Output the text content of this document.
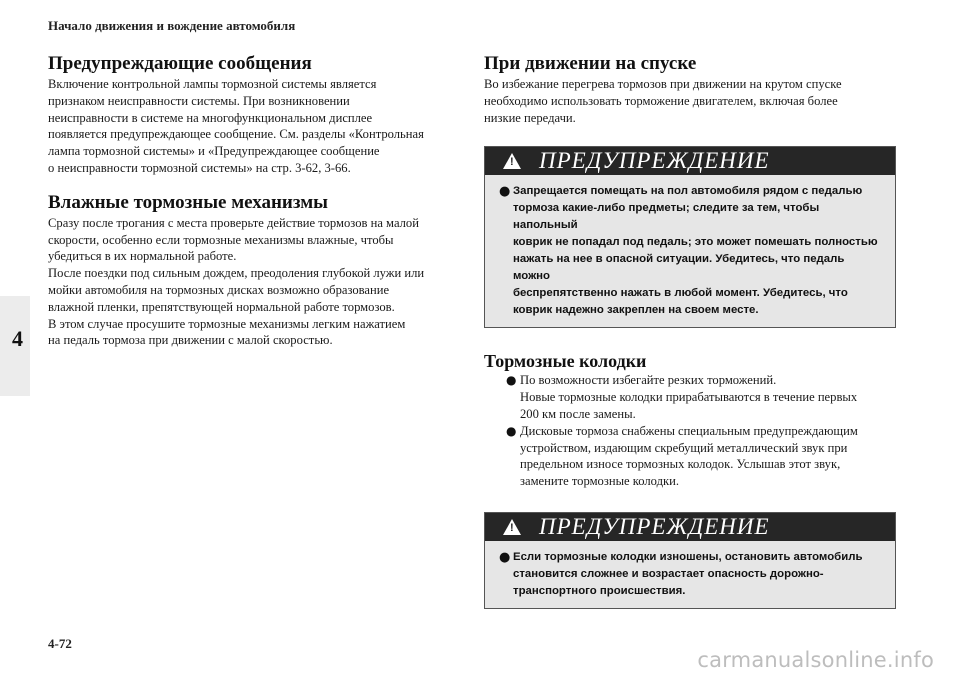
Начало движения и вождение автомобиля
4
Предупреждающие сообщения

Включение контрольной лампы тормозной системы является
признаком неисправности системы. При возникновении
неисправности в системе на многофункциональном дисплее
появляется предупреждающее сообщение. См. разделы «Контрольная
лампа тормозной системы» и «Предупреждающее сообщение
о неисправности тормозной системы» на стр. 3-62, 3-66.

Влажные тормозные механизмы

Сразу после трогания с места проверьте действие тормозов на малой
скорости, особенно если тормозные механизмы влажные, чтобы
убедиться в их нормальной работе.
После поездки под сильным дождем, преодоления глубокой лужи или
мойки автомобиля на тормозных дисках возможно образование
влажной пленки, препятствующей нормальной работе тормозов.
В этом случае просушите тормозные механизмы легким нажатием
на педаль тормоза при движении с малой скоростью.

При движении на спуске

Во избежание перегрева тормозов при движении на крутом спуске
необходимо использовать торможение двигателем, включая более
низкие передачи.

!
ПРЕДУПРЕЖДЕНИЕ
● Запрещается помещать на пол автомобиля рядом с педалью
тормоза какие-либо предметы; следите за тем, чтобы напольный
коврик не попадал под педаль; это может помешать полностью
нажать на нее в опасной ситуации. Убедитесь, что педаль можно
беспрепятственно нажать в любой момент. Убедитесь, что
коврик надежно закреплен на своем месте.
Тормозные колодки
● По возможности избегайте резких торможений.
Новые тормозные колодки прирабатываются в течение первых
200 км после замены.

● Дисковые тормоза снабжены специальным предупреждающим
устройством, издающим скребущий металлический звук при
предельном износе тормозных колодок. Услышав этот звук,
замените тормозные колодки.

!
ПРЕДУПРЕЖДЕНИЕ
● Если тормозные колодки изношены, остановить автомобиль
становится сложнее и возрастает опасность дорожно-
транспортного происшествия.
4-72
carmanualsonline.info
